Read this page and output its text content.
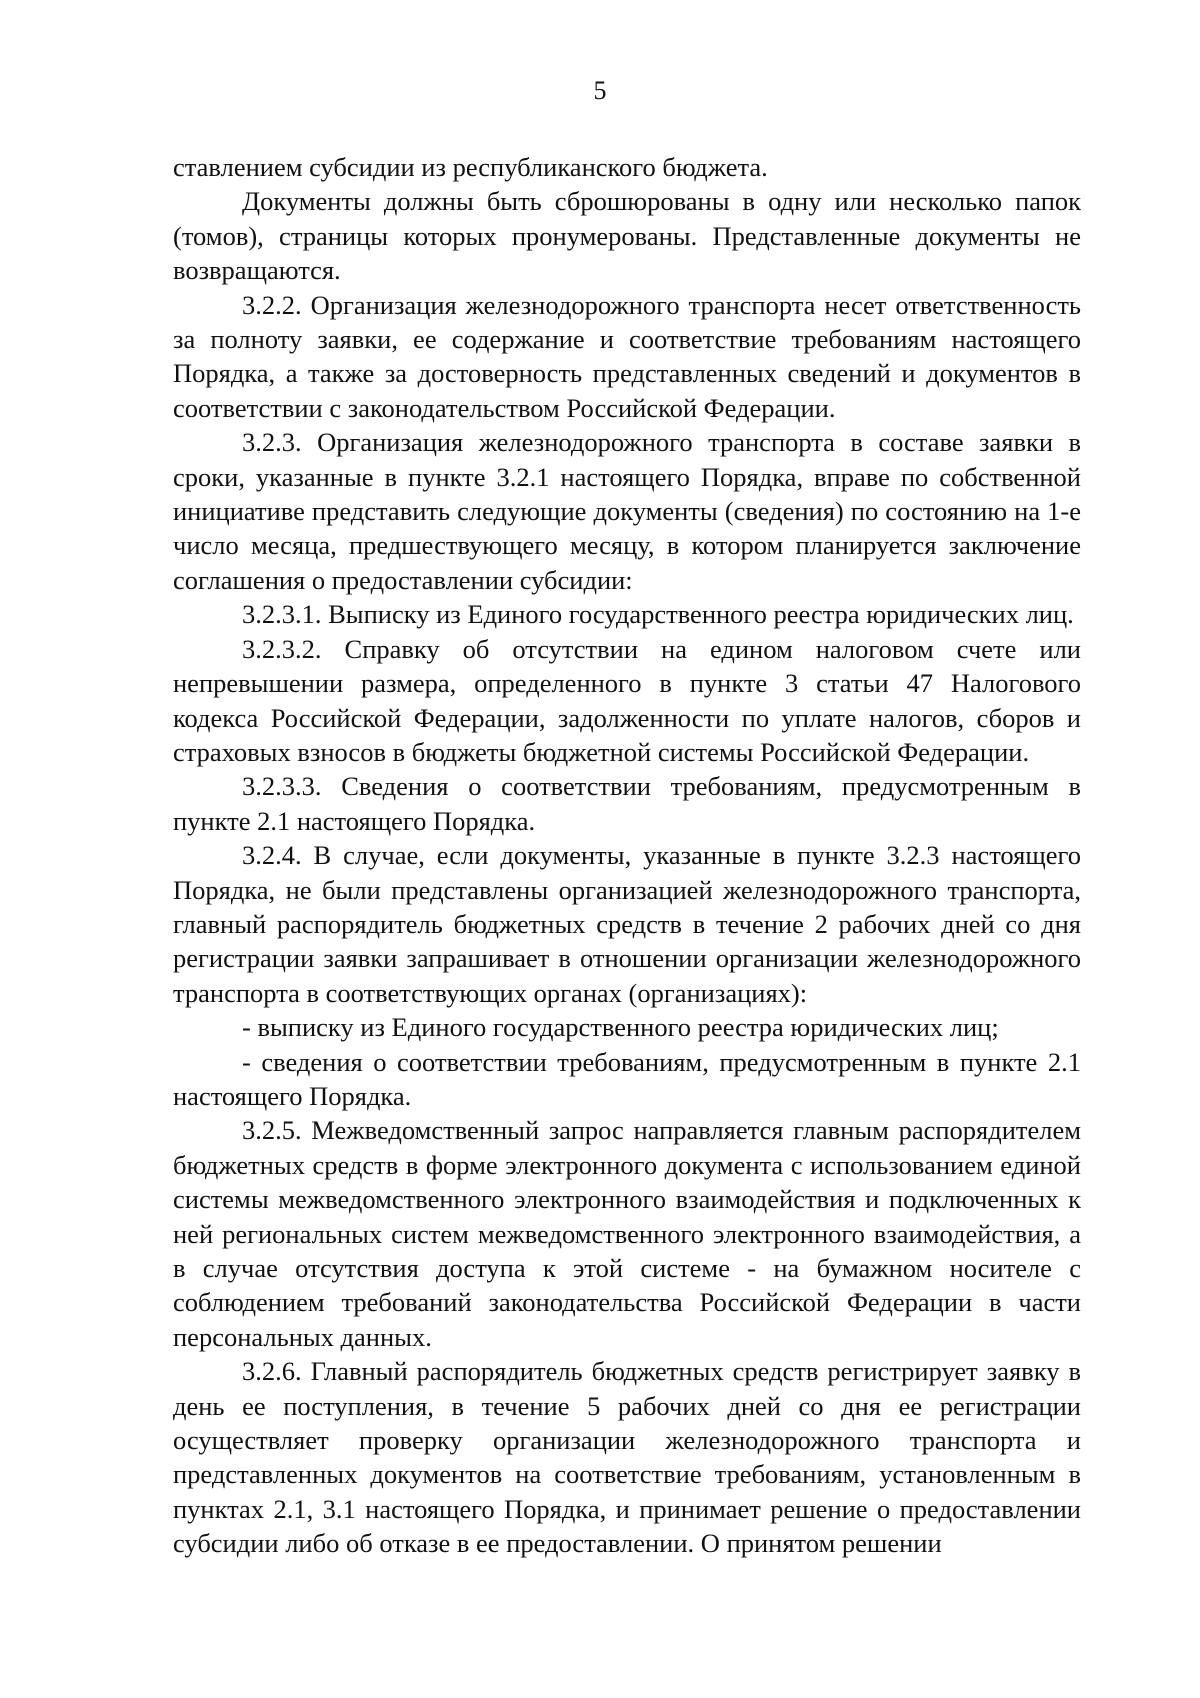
5

ставлением субсидии из республиканского бюджета.

Документы должны быть сброшюрованы в одну или несколько папок (томов), страницы которых пронумерованы. Представленные документы не возвращаются.

3.2.2. Организация железнодорожного транспорта несет ответственность за полноту заявки, ее содержание и соответствие требованиям настоящего Порядка, а также за достоверность представленных сведений и документов в соответствии с законодательством Российской Федерации.

3.2.3. Организация железнодорожного транспорта в составе заявки в сроки, указанные в пункте 3.2.1 настоящего Порядка, вправе по собственной инициативе представить следующие документы (сведения) по состоянию на 1-е число месяца, предшествующего месяцу, в котором планируется заключение соглашения о предоставлении субсидии:

3.2.3.1. Выписку из Единого государственного реестра юридических лиц.

3.2.3.2. Справку об отсутствии на едином налоговом счете или непревышении размера, определенного в пункте 3 статьи 47 Налогового кодекса Российской Федерации, задолженности по уплате налогов, сборов и страховых взносов в бюджеты бюджетной системы Российской Федерации.

3.2.3.3. Сведения о соответствии требованиям, предусмотренным в пункте 2.1 настоящего Порядка.

3.2.4. В случае, если документы, указанные в пункте 3.2.3 настоящего Порядка, не были представлены организацией железнодорожного транспорта, главный распорядитель бюджетных средств в течение 2 рабочих дней со дня регистрации заявки запрашивает в отношении организации железнодорожного транспорта в соответствующих органах (организациях):

- выписку из Единого государственного реестра юридических лиц;

- сведения о соответствии требованиям, предусмотренным в пункте 2.1 настоящего Порядка.

3.2.5. Межведомственный запрос направляется главным распорядителем бюджетных средств в форме электронного документа с использованием единой системы межведомственного электронного взаимодействия и подключенных к ней региональных систем межведомственного электронного взаимодействия, а в случае отсутствия доступа к этой системе - на бумажном носителе с соблюдением требований законодательства Российской Федерации в части персональных данных.

3.2.6. Главный распорядитель бюджетных средств регистрирует заявку в день ее поступления, в течение 5 рабочих дней со дня ее регистрации осуществляет проверку организации железнодорожного транспорта и представленных документов на соответствие требованиям, установленным в пунктах 2.1, 3.1 настоящего Порядка, и принимает решение о предоставлении субсидии либо об отказе в ее предоставлении. О принятом решении
